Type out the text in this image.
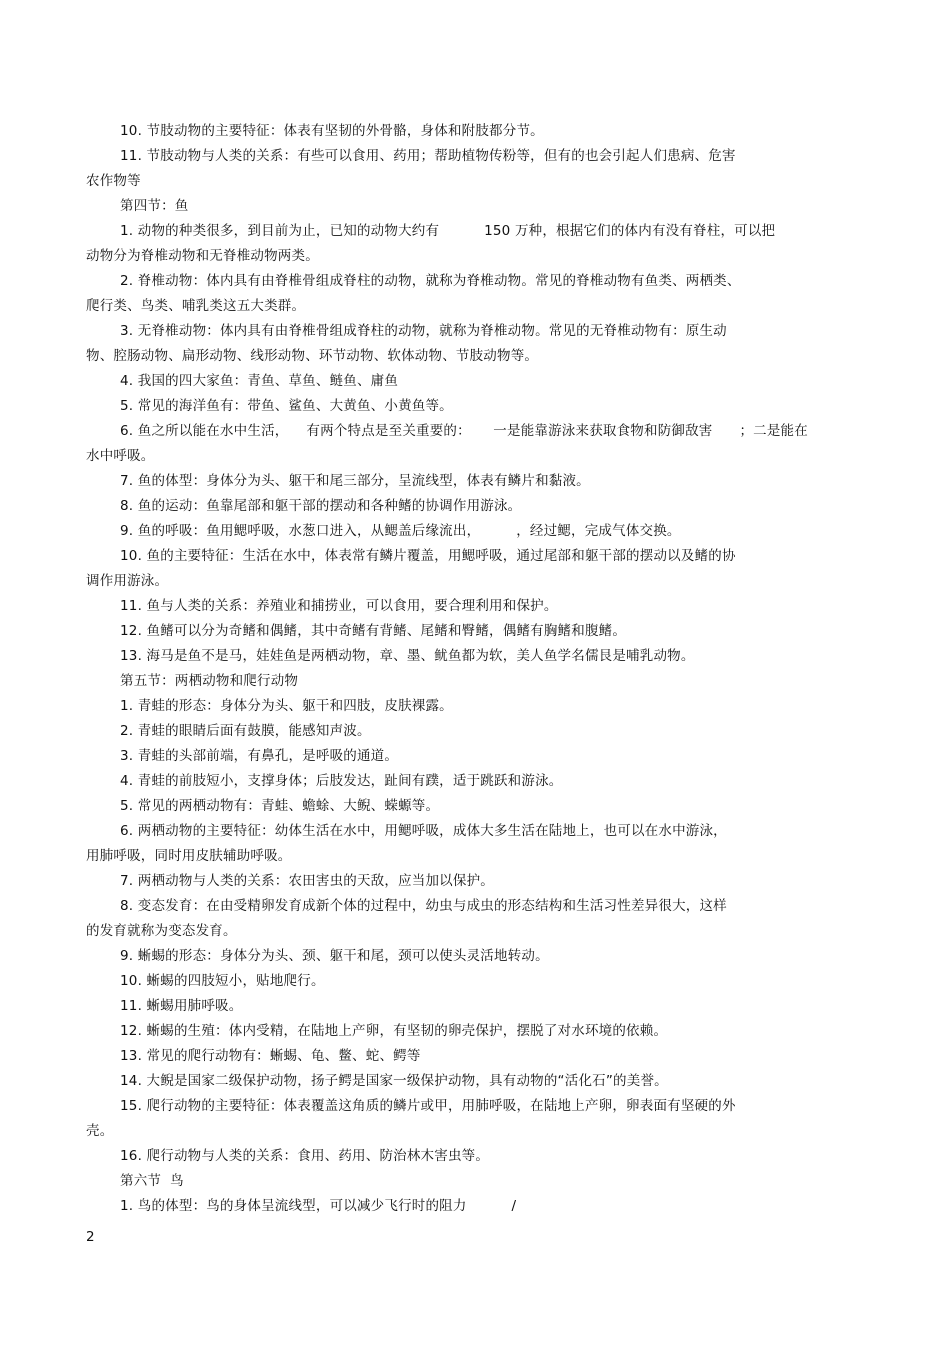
10. 节肢动物的主要特征：体表有坚韧的外骨骼，身体和附肢都分节。
11. 节肢动物与人类的关系：有些可以食用、药用；帮助植物传粉等，但有的也会引起人们患病、危害
农作物等
第四节：鱼
1. 动物的种类很多，到目前为止，已知的动物大约有          150 万种，根据它们的体内有没有脊柱，可以把
动物分为脊椎动物和无脊椎动物两类。
2. 脊椎动物：体内具有由脊椎骨组成脊柱的动物，就称为脊椎动物。常见的脊椎动物有鱼类、两栖类、
爬行类、鸟类、哺乳类这五大类群。
3. 无脊椎动物：体内具有由脊椎骨组成脊柱的动物，就称为脊椎动物。常见的无脊椎动物有：原生动
物、腔肠动物、扁形动物、线形动物、环节动物、软体动物、节肢动物等。
4. 我国的四大家鱼：青鱼、草鱼、鲢鱼、庸鱼
5. 常见的海洋鱼有：带鱼、鲨鱼、大黄鱼、小黄鱼等。
6. 鱼之所以能在水中生活，    有两个特点是至关重要的：     一是能靠游泳来获取食物和防御敌害      ；二是能在
水中呼吸。
7. 鱼的体型：身体分为头、躯干和尾三部分，呈流线型，体表有鳞片和黏液。
8. 鱼的运动：鱼靠尾部和躯干部的摆动和各种鳍的协调作用游泳。
9. 鱼的呼吸：鱼用鳃呼吸，水葱口进入，从鳃盖后缘流出，        ，经过鳃，完成气体交换。
10. 鱼的主要特征：生活在水中，体表常有鳞片覆盖，用鳃呼吸，通过尾部和躯干部的摆动以及鳍的协
调作用游泳。
11. 鱼与人类的关系：养殖业和捕捞业，可以食用，要合理利用和保护。
12. 鱼鳍可以分为奇鳍和偶鳍，其中奇鳍有背鳍、尾鳍和臀鳍，偶鳍有胸鳍和腹鳍。
13. 海马是鱼不是马，娃娃鱼是两栖动物，章、墨、鱿鱼都为软，美人鱼学名儒艮是哺乳动物。
第五节：两栖动物和爬行动物
1. 青蛙的形态：身体分为头、躯干和四肢，皮肤裸露。
2. 青蛙的眼睛后面有鼓膜，能感知声波。
3. 青蛙的头部前端，有鼻孔，是呼吸的通道。
4. 青蛙的前肢短小，支撑身体；后肢发达，趾间有蹼，适于跳跃和游泳。
5. 常见的两栖动物有：青蛙、蟾蜍、大鲵、蝾螈等。
6. 两栖动物的主要特征：幼体生活在水中，用鳃呼吸，成体大多生活在陆地上，也可以在水中游泳，
用肺呼吸，同时用皮肤辅助呼吸。
7. 两栖动物与人类的关系：农田害虫的天敌，应当加以保护。
8. 变态发育：在由受精卵发育成新个体的过程中，幼虫与成虫的形态结构和生活习性差异很大，这样
的发育就称为变态发育。
9. 蜥蜴的形态：身体分为头、颈、躯干和尾，颈可以使头灵活地转动。
10. 蜥蜴的四肢短小，贴地爬行。
11. 蜥蜴用肺呼吸。
12. 蜥蜴的生殖：体内受精，在陆地上产卵，有坚韧的卵壳保护，摆脱了对水环境的依赖。
13. 常见的爬行动物有：蜥蜴、龟、鳖、蛇、鳄等
14. 大鲵是国家二级保护动物，扬子鳄是国家一级保护动物，具有动物的“活化石”的美誉。
15. 爬行动物的主要特征：体表覆盖这角质的鳞片或甲，用肺呼吸，在陆地上产卵，卵表面有坚硬的外
壳。
16. 爬行动物与人类的关系：食用、药用、防治林木害虫等。
第六节  鸟
1. 鸟的体型：鸟的身体呈流线型，可以减少飞行时的阻力          /
2
